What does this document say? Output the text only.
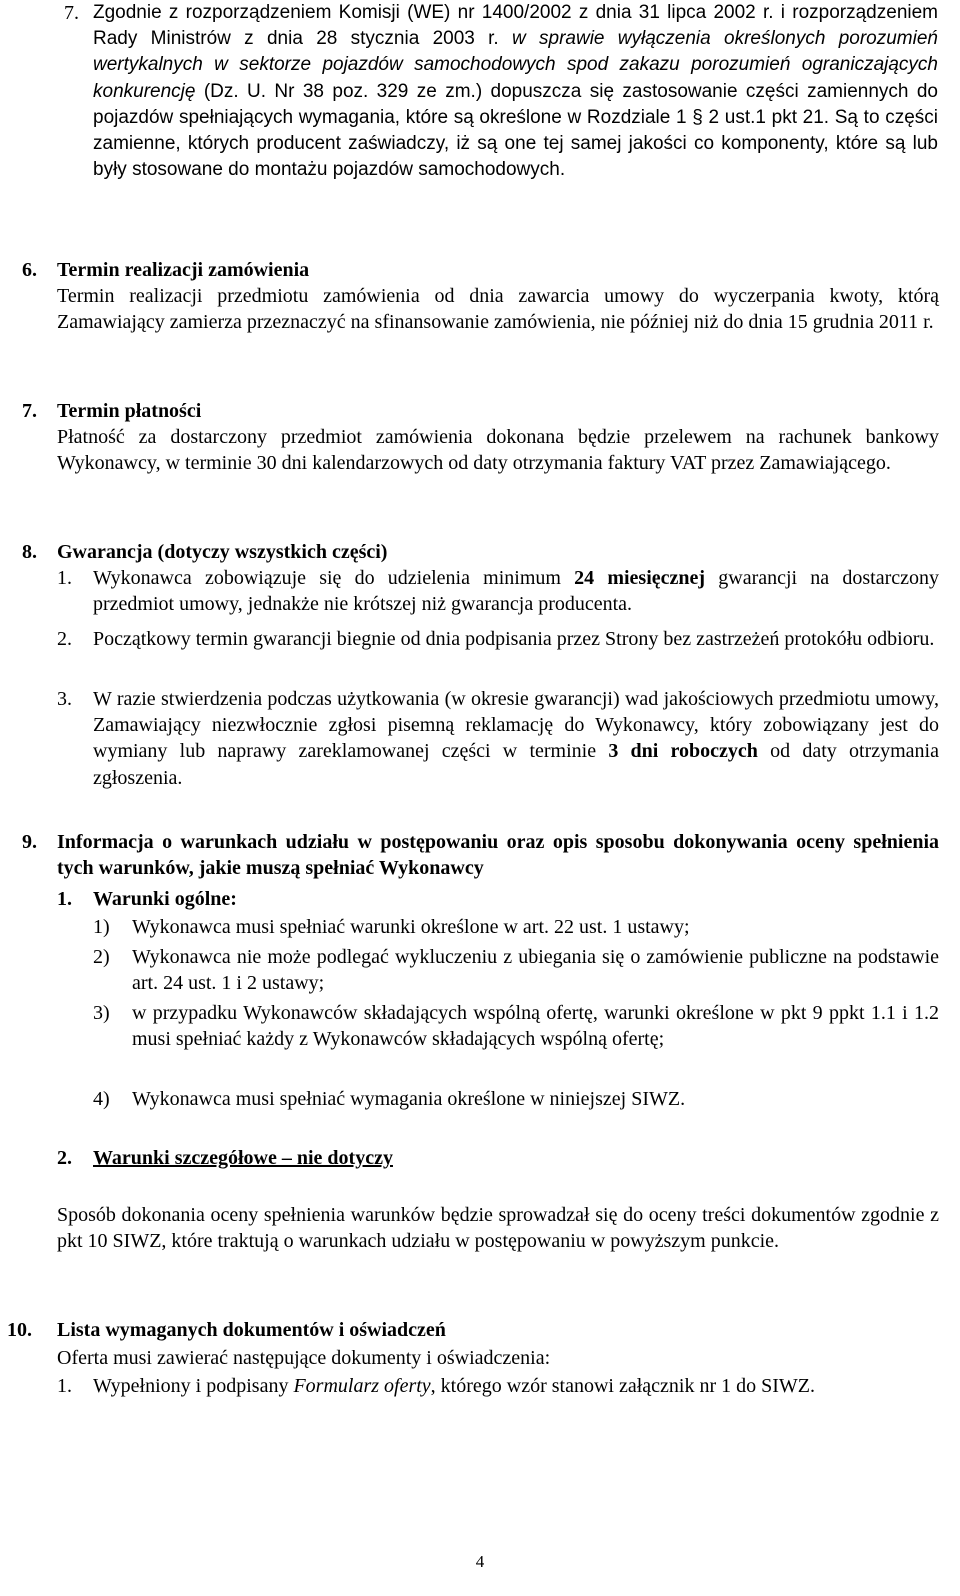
7. Zgodnie z rozporządzeniem Komisji (WE) nr 1400/2002 z dnia 31 lipca 2002 r. i rozporządzeniem Rady Ministrów z dnia 28 stycznia 2003 r. w sprawie wyłączenia określonych porozumień wertykalnych w sektorze pojazdów samochodowych spod zakazu porozumień ograniczających konkurencję (Dz. U. Nr 38 poz. 329 ze zm.) dopuszcza się zastosowanie części zamiennych do pojazdów spełniających wymagania, które są określone w Rozdziale 1 § 2 ust.1 pkt 21. Są to części zamienne, których producent zaświadczy, iż są one tej samej jakości co komponenty, które są lub były stosowane do montażu pojazdów samochodowych.
6. Termin realizacji zamówienia
Termin realizacji przedmiotu zamówienia od dnia zawarcia umowy do wyczerpania kwoty, którą Zamawiający zamierza przeznaczyć na sfinansowanie zamówienia, nie później niż do dnia 15 grudnia 2011 r.
7. Termin płatności
Płatność za dostarczony przedmiot zamówienia dokonana będzie przelewem na rachunek bankowy Wykonawcy, w terminie 30 dni kalendarzowych od daty otrzymania faktury VAT przez Zamawiającego.
8. Gwarancja (dotyczy wszystkich części)
1. Wykonawca zobowiązuje się do udzielenia minimum 24 miesięcznej gwarancji na dostarczony przedmiot umowy, jednakże nie krótszej niż gwarancja producenta.
2. Początkowy termin gwarancji biegnie od dnia podpisania przez Strony bez zastrzeżeń protokółu odbioru.
3. W razie stwierdzenia podczas użytkowania (w okresie gwarancji) wad jakościowych przedmiotu umowy, Zamawiający niezwłocznie zgłosi pisemną reklamację do Wykonawcy, który zobowiązany jest do wymiany lub naprawy zareklamowanej części w terminie 3 dni roboczych od daty otrzymania zgłoszenia.
9. Informacja o warunkach udziału w postępowaniu oraz opis sposobu dokonywania oceny spełnienia tych warunków, jakie muszą spełniać Wykonawcy
1. Warunki ogólne:
1) Wykonawca musi spełniać warunki określone w art. 22 ust. 1 ustawy;
2) Wykonawca nie może podlegać wykluczeniu z ubiegania się o zamówienie publiczne na podstawie art. 24 ust. 1 i 2 ustawy;
3) w przypadku Wykonawców składających wspólną ofertę, warunki określone w pkt 9 ppkt 1.1 i 1.2 musi spełniać każdy z Wykonawców składających wspólną ofertę;
4) Wykonawca musi spełniać wymagania określone w niniejszej SIWZ.
2. Warunki szczegółowe – nie dotyczy
Sposób dokonania oceny spełnienia warunków będzie sprowadzał się do oceny treści dokumentów zgodnie z pkt 10 SIWZ, które traktują o warunkach udziału w postępowaniu w powyższym punkcie.
10. Lista wymaganych dokumentów i oświadczeń
Oferta musi zawierać następujące dokumenty i oświadczenia:
1. Wypełniony i podpisany Formularz oferty, którego wzór stanowi załącznik nr 1 do SIWZ.
4
